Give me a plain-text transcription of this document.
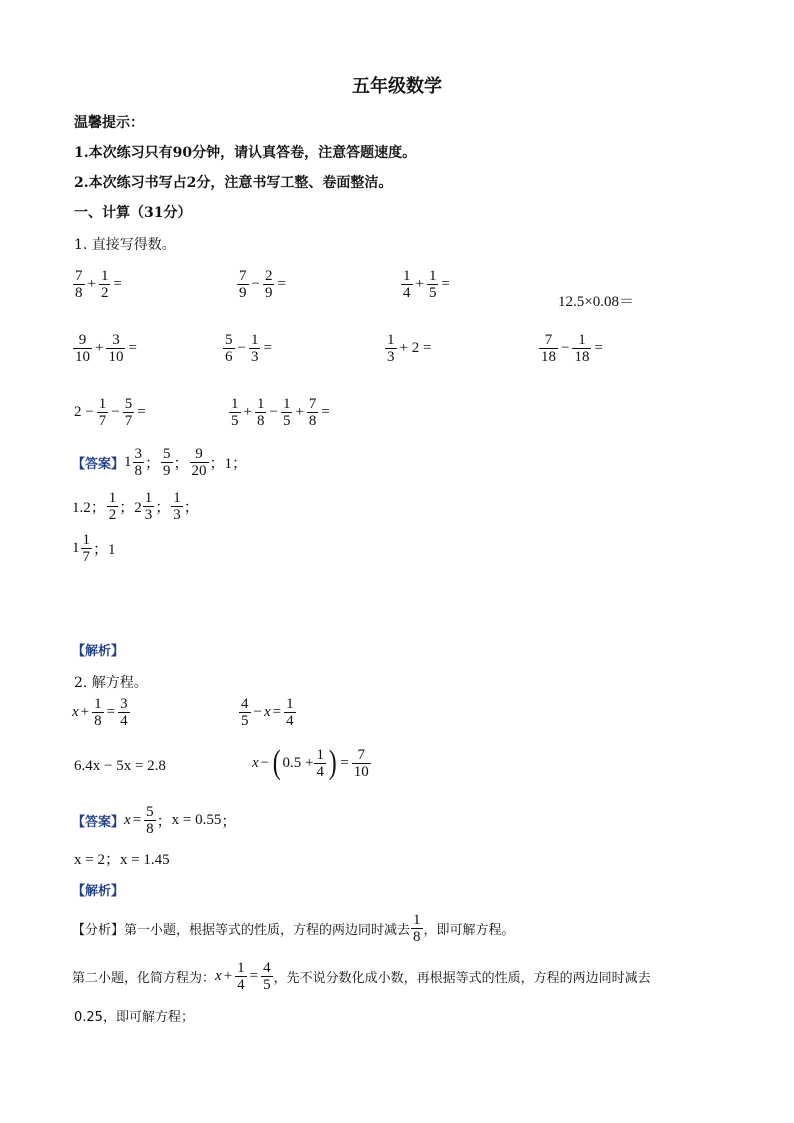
五年级数学
温馨提示：
1.本次练习只有90分钟，请认真答卷，注意答题速度。
2.本次练习书写占2分，注意书写工整、卷面整洁。
一、计算（31分）
1. 直接写得数。
$\frac{7}{8} + \frac{1}{2}$ =	$\frac{7}{9} - \frac{2}{9}$ =	$\frac{1}{4} + \frac{1}{5}$ =
12.5×0.08＝
$\frac{9}{10} + \frac{3}{10}$ =	$\frac{5}{6} - \frac{1}{3}$ =	$\frac{1}{3} + 2$ =	$\frac{7}{18} - \frac{1}{18}$ =
$2 - \frac{1}{7} - \frac{5}{7}$ =	$\frac{1}{5} + \frac{1}{8} - \frac{1}{5} + \frac{7}{8}$ =
【答案】 $1 \frac{3}{8}$ ； $\frac{5}{9}$ ； $\frac{9}{20}$ ；1；
1.2； $\frac{1}{2}$ ；$2 \frac{1}{3}$ ； $\frac{1}{3}$ ；
$1 \frac{1}{7}$ ；1
【解析】
2. 解方程。
$x + \frac{1}{8} = \frac{3}{4}$	$\frac{4}{5} - x = \frac{1}{4}$
6.4x − 5x = 2.8	x − ( $0.5 + \frac{1}{4}$ ) = $\frac{7}{10}$
【答案】 $x = \frac{5}{8}$ ； x = 0.55 ；
x = 2；x = 1.45
【解析】
【分析】第一小题，根据等式的性质，方程的两边同时减去 $\frac{1}{8}$ ，即可解方程。
第二小题，化简方程为： $x + \frac{1}{4} = \frac{4}{5}$ ，先不说分数化成小数，再根据等式的性质，方程的两边同时减去
0.25，即可解方程；
